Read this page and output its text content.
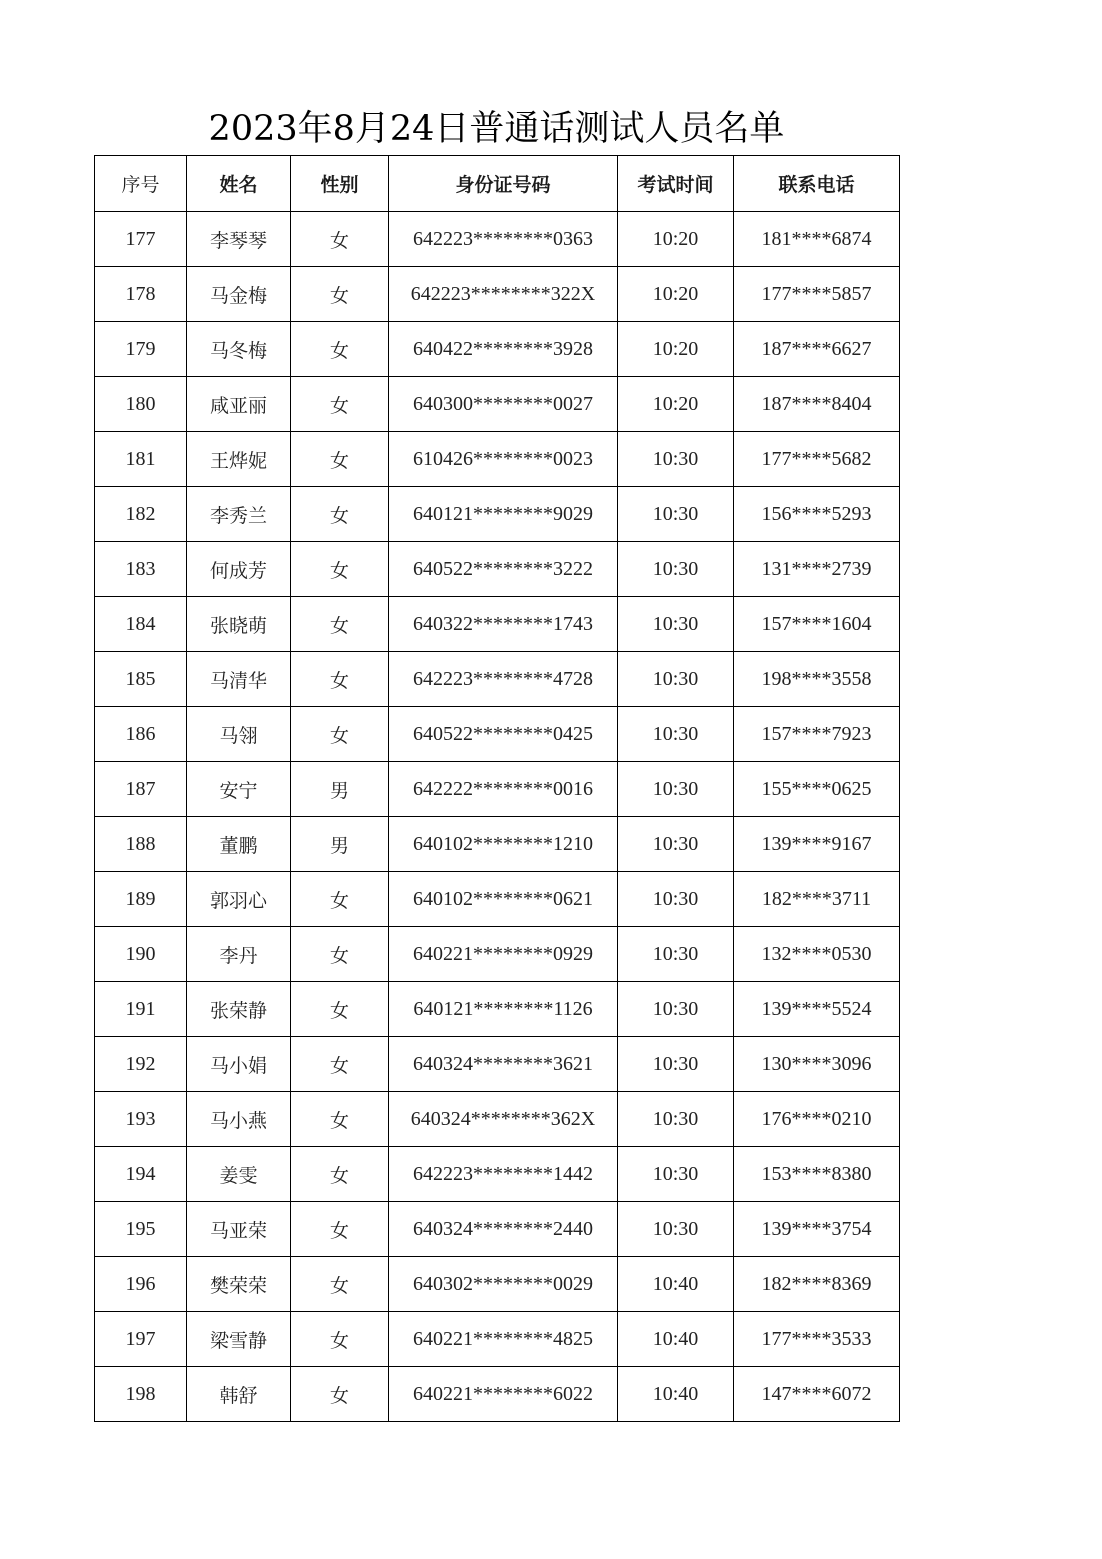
2023年8月24日普通话测试人员名单
序号	姓名	性别	身份证号码	考试时间	联系电话
177	李琴琴	女	642223********0363	10:20	181****6874
178	马金梅	女	642223********322X	10:20	177****5857
179	马冬梅	女	640422********3928	10:20	187****6627
180	咸亚丽	女	640300********0027	10:20	187****8404
181	王烨妮	女	610426********0023	10:30	177****5682
182	李秀兰	女	640121********9029	10:30	156****5293
183	何成芳	女	640522********3222	10:30	131****2739
184	张晓萌	女	640322********1743	10:30	157****1604
185	马清华	女	642223********4728	10:30	198****3558
186	马翎	女	640522********0425	10:30	157****7923
187	安宁	男	642222********0016	10:30	155****0625
188	董鹏	男	640102********1210	10:30	139****9167
189	郭羽心	女	640102********0621	10:30	182****3711
190	李丹	女	640221********0929	10:30	132****0530
191	张荣静	女	640121********1126	10:30	139****5524
192	马小娟	女	640324********3621	10:30	130****3096
193	马小燕	女	640324********362X	10:30	176****0210
194	姜雯	女	642223********1442	10:30	153****8380
195	马亚荣	女	640324********2440	10:30	139****3754
196	樊荣荣	女	640302********0029	10:40	182****8369
197	梁雪静	女	640221********4825	10:40	177****3533
198	韩舒	女	640221********6022	10:40	147****6072
